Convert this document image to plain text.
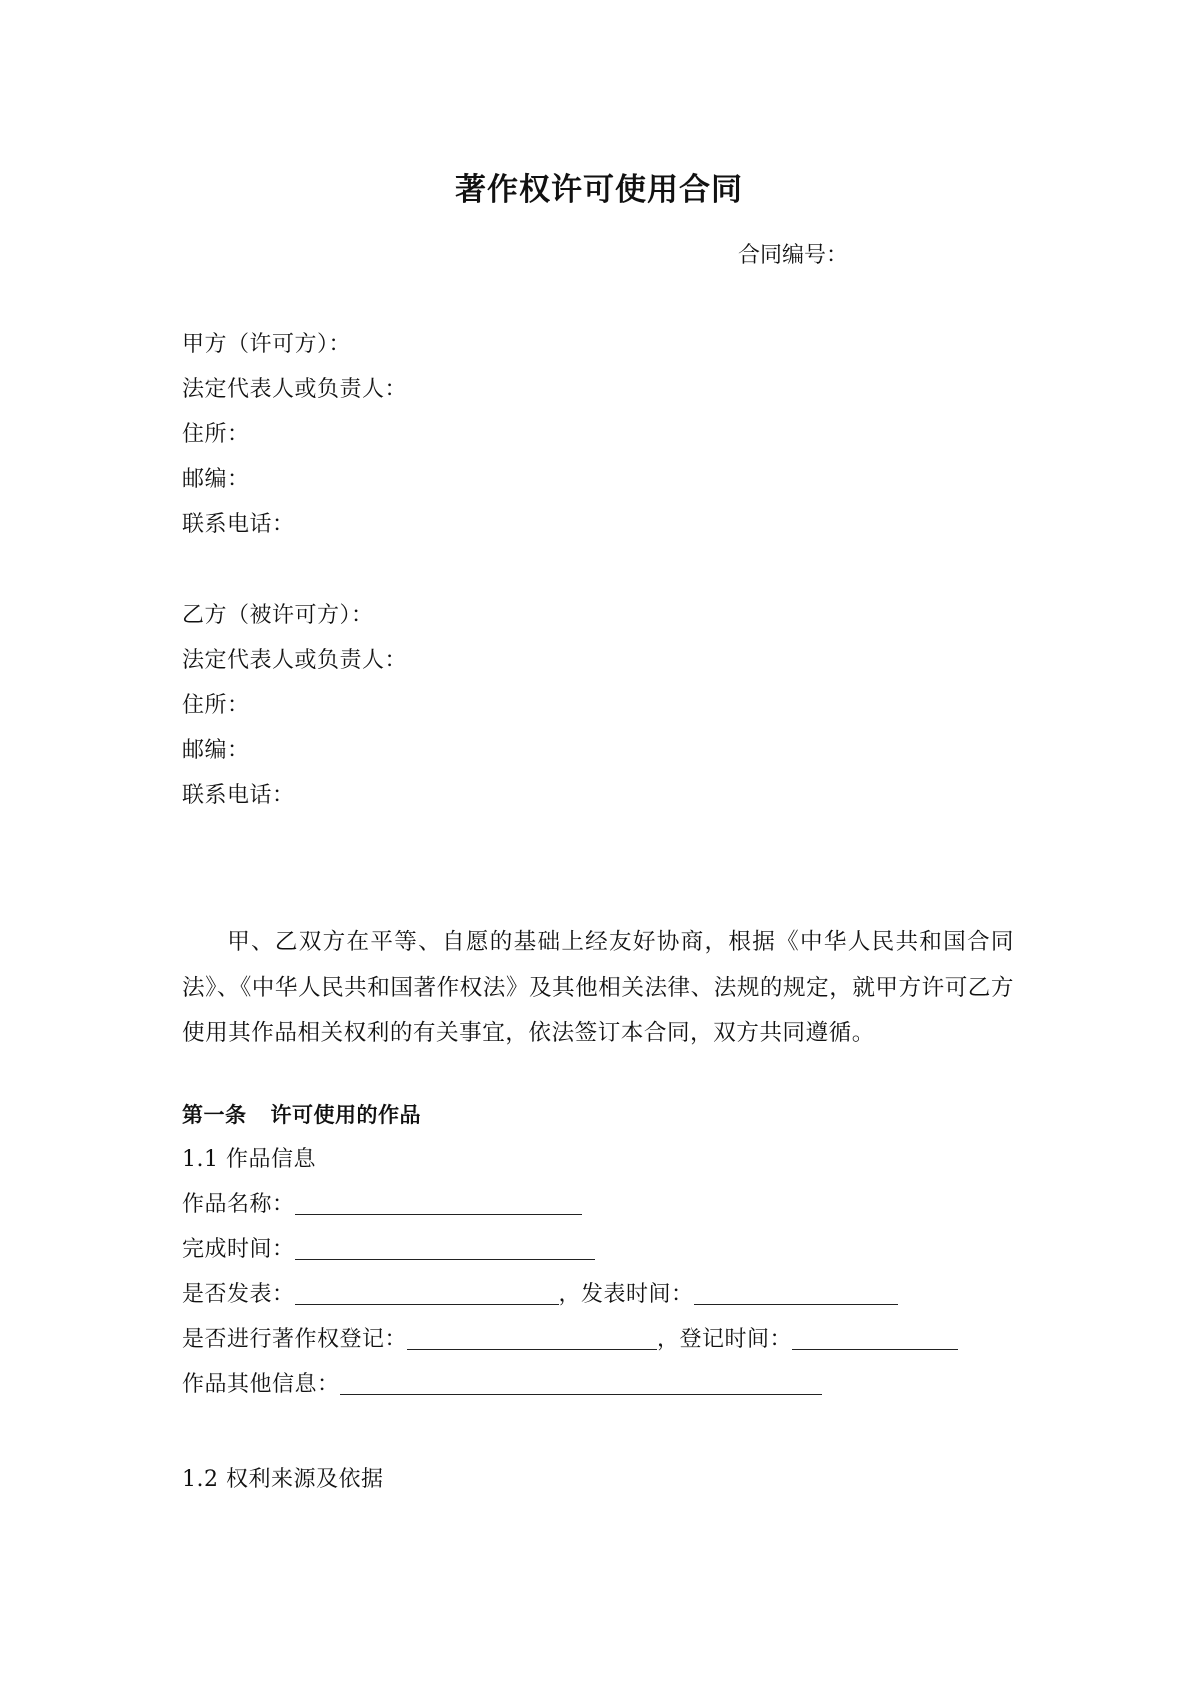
著作权许可使用合同
合同编号：
甲方（许可方）：
法定代表人或负责人：
住所：
邮编：
联系电话：
乙方（被许可方）：
法定代表人或负责人：
住所：
邮编：
联系电话：
甲、乙双方在平等、自愿的基础上经友好协商，根据《中华人民共和国合同法》、《中华人民共和国著作权法》及其他相关法律、法规的规定，就甲方许可乙方使用其作品相关权利的有关事宜，依法签订本合同，双方共同遵循。
第一条 许可使用的作品
1.1 作品信息
作品名称：
完成时间：
是否发表：	，发表时间：
是否进行著作权登记：	，登记时间：
作品其他信息：
1.2 权利来源及依据
